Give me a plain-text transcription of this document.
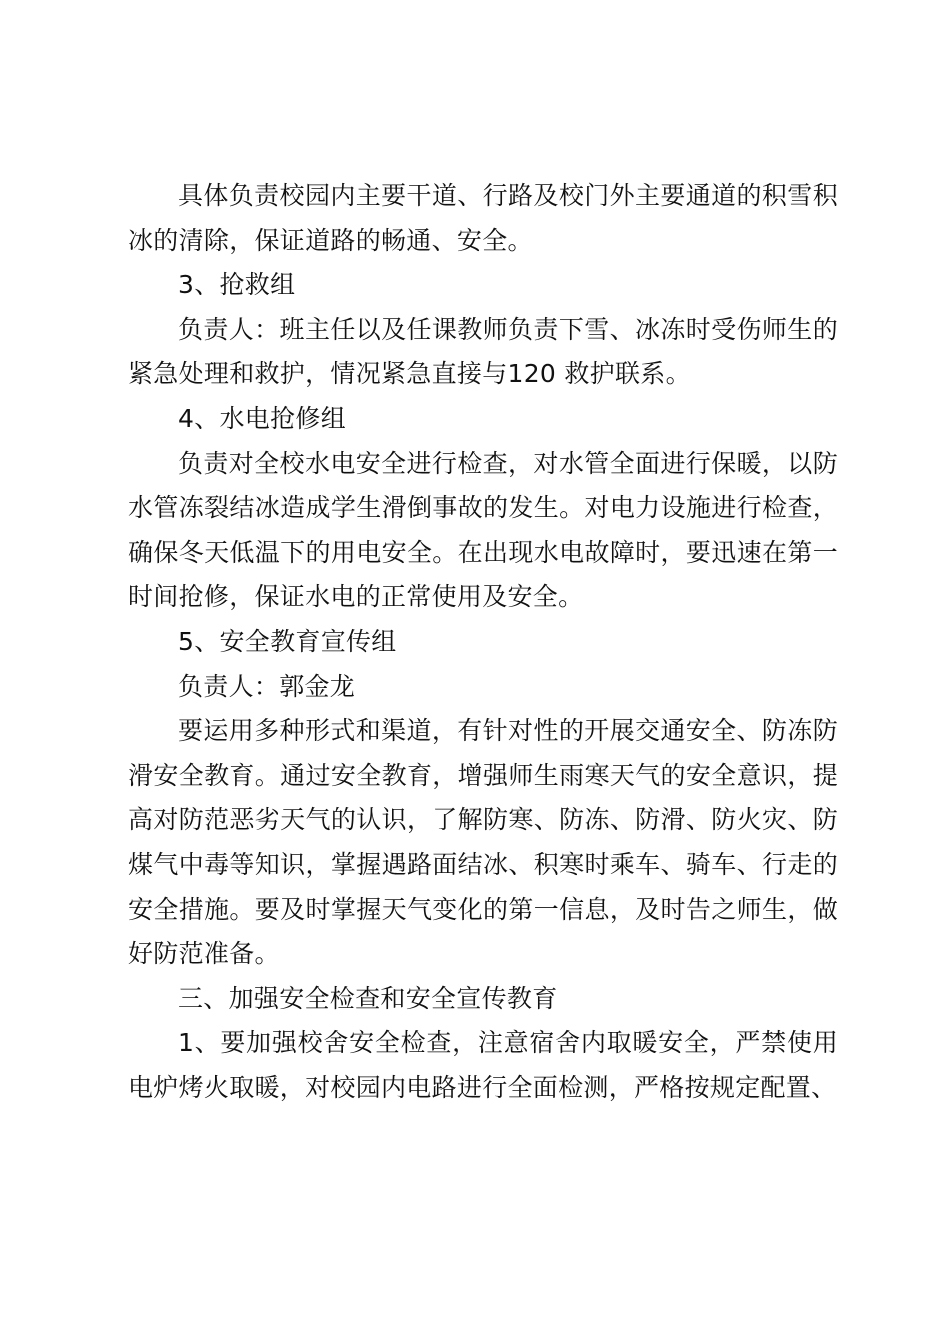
具体负责校园内主要干道、行路及校门外主要通道的积雪积冰的清除，保证道路的畅通、安全。

3、抢救组

负责人：班主任以及任课教师负责下雪、冰冻时受伤师生的紧急处理和救护，情况紧急直接与120 救护联系。

4、水电抢修组

负责对全校水电安全进行检查，对水管全面进行保暖，以防水管冻裂结冰造成学生滑倒事故的发生。对电力设施进行检查，确保冬天低温下的用电安全。在出现水电故障时，要迅速在第一时间抢修，保证水电的正常使用及安全。

5、安全教育宣传组

负责人：郭金龙

要运用多种形式和渠道，有针对性的开展交通安全、防冻防滑安全教育。通过安全教育，增强师生雨寒天气的安全意识，提高对防范恶劣天气的认识，了解防寒、防冻、防滑、防火灾、防煤气中毒等知识，掌握遇路面结冰、积寒时乘车、骑车、行走的安全措施。要及时掌握天气变化的第一信息，及时告之师生，做好防范准备。

三、加强安全检查和安全宣传教育

1、要加强校舍安全检查，注意宿舍内取暖安全，严禁使用电炉烤火取暖，对校园内电路进行全面检测，严格按规定配置、
